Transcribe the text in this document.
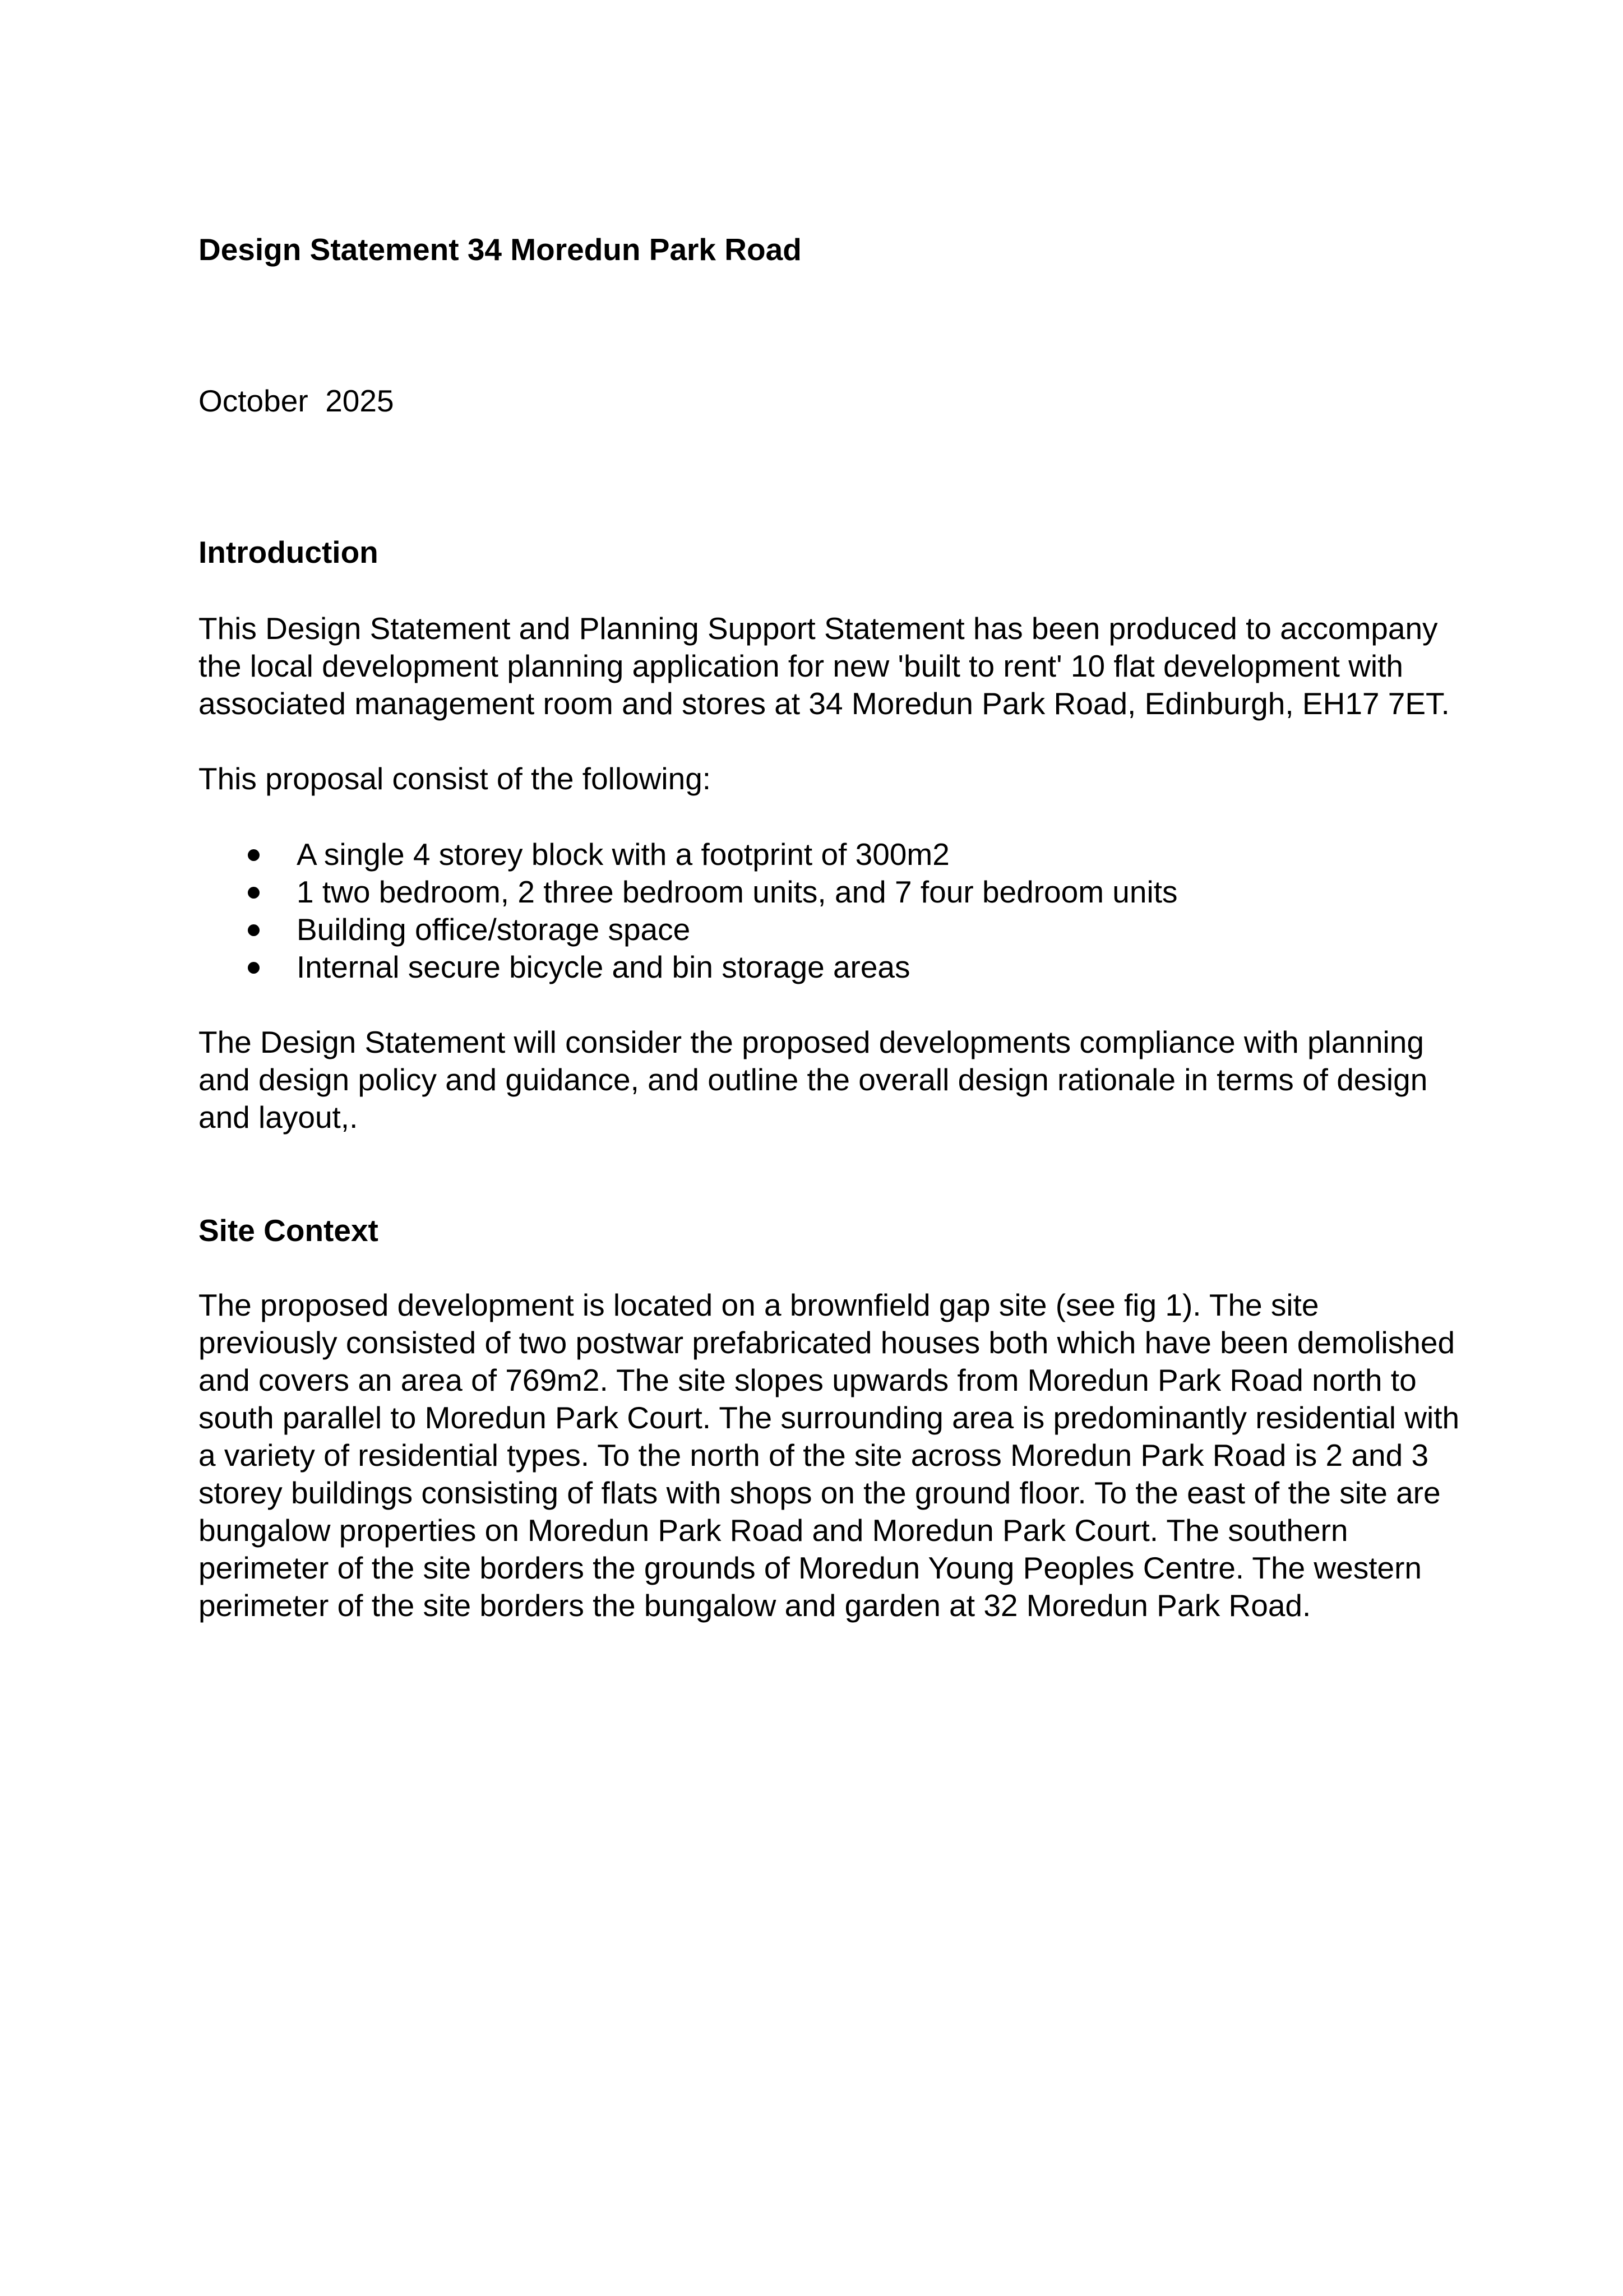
Design Statement 34 Moredun Park Road

October  2025

Introduction

This Design Statement and Planning Support Statement has been produced to accompany
the local development planning application for new 'built to rent' 10 flat development with
associated management room and stores at 34 Moredun Park Road, Edinburgh, EH17 7ET.

This proposal consist of the following:

A single 4 storey block with a footprint of 300m2
1 two bedroom, 2 three bedroom units, and 7 four bedroom units
Building office/storage space
Internal secure bicycle and bin storage areas

The Design Statement will consider the proposed developments compliance with planning
and design policy and guidance, and outline the overall design rationale in terms of design
and layout,.

Site Context

The proposed development is located on a brownfield gap site (see fig 1). The site
previously consisted of two postwar prefabricated houses both which have been demolished
and covers an area of 769m2. The site slopes upwards from Moredun Park Road north to
south parallel to Moredun Park Court. The surrounding area is predominantly residential with
a variety of residential types. To the north of the site across Moredun Park Road is 2 and 3
storey buildings consisting of flats with shops on the ground floor. To the east of the site are
bungalow properties on Moredun Park Road and Moredun Park Court. The southern
perimeter of the site borders the grounds of Moredun Young Peoples Centre. The western
perimeter of the site borders the bungalow and garden at 32 Moredun Park Road.
